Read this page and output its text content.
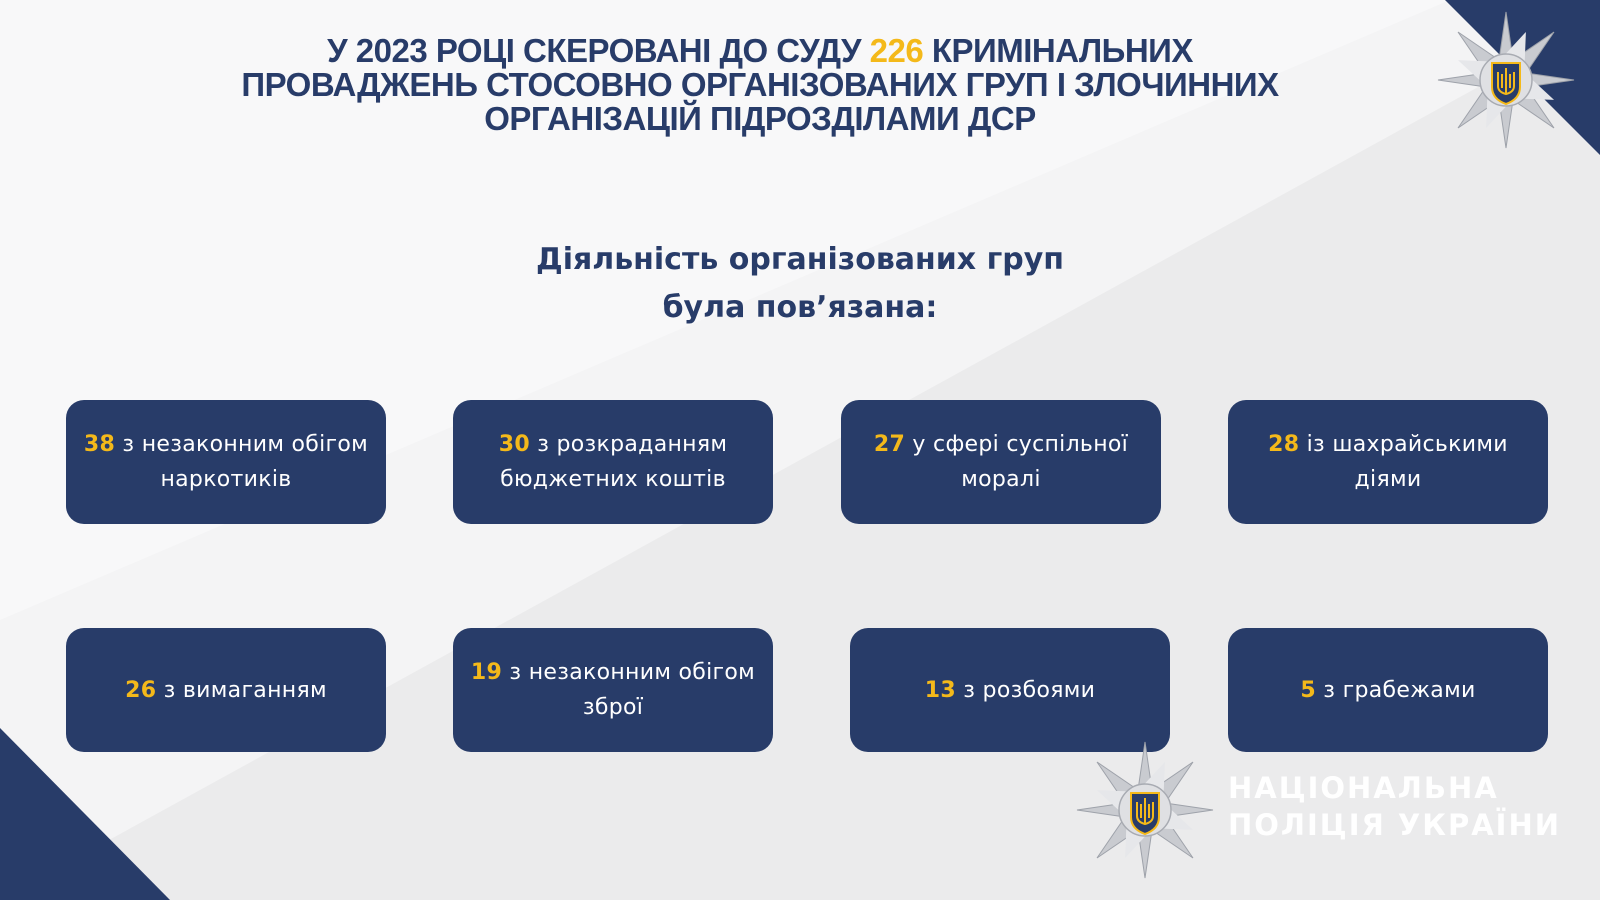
У 2023 РОЦІ СКЕРОВАНІ ДО СУДУ 226 КРИМІНАЛЬНИХ
ПРОВАДЖЕНЬ СТОСОВНО ОРГАНІЗОВАНИХ ГРУП І ЗЛОЧИННИХ
ОРГАНІЗАЦІЙ ПІДРОЗДІЛАМИ ДСР
Діяльність організованих груп
була пов’язана:
38 з незаконним обігом наркотиків
30 з розкраданням бюджетних коштів
27 у сфері суспільної моралі
28 із шахрайськими діями
26 з вимаганням
19 з незаконним обігом зброї
13 з розбоями	5 з грабежами
НАЦІОНАЛЬНА
ПОЛІЦІЯ УКРАЇНИ
